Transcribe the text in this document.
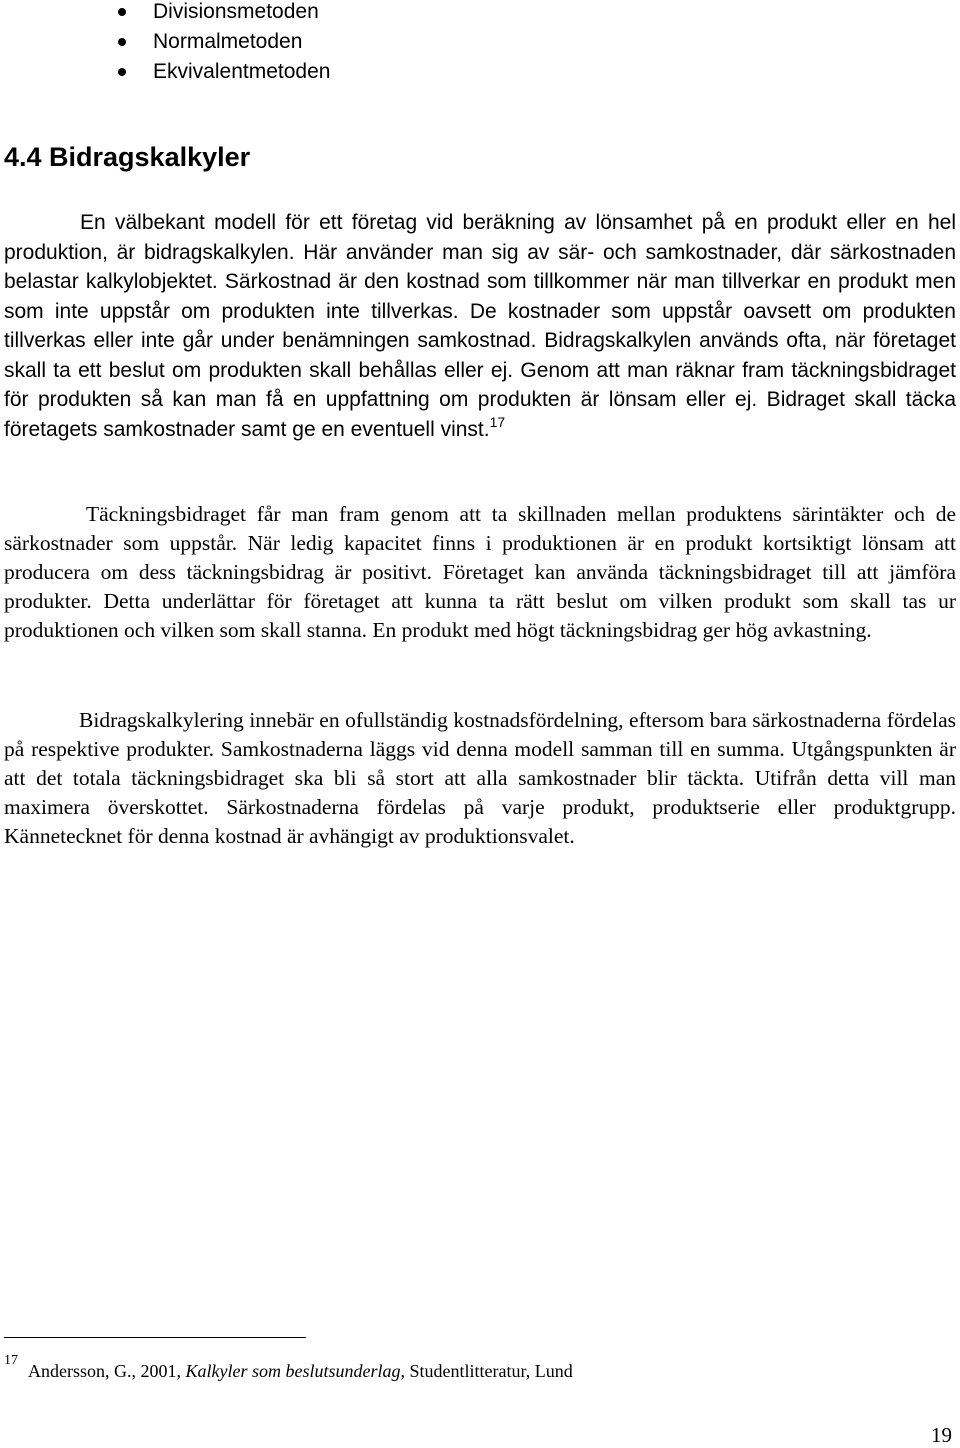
Divisionsmetoden
Normalmetoden
Ekvivalentmetoden
4.4 Bidragskalkyler

En välbekant modell för ett företag vid beräkning av lönsamhet på en produkt eller en hel produktion, är bidragskalkylen. Här använder man sig av sär- och samkostnader, där särkostnaden belastar kalkylobjektet. Särkostnad är den kostnad som tillkommer när man tillverkar en produkt men som inte uppstår om produkten inte tillverkas. De kostnader som uppstår oavsett om produkten tillverkas eller inte går under benämningen samkostnad. Bidragskalkylen används ofta, när företaget skall ta ett beslut om produkten skall behållas eller ej. Genom att man räknar fram täckningsbidraget för produkten så kan man få en uppfattning om produkten är lönsam eller ej. Bidraget skall täcka företagets samkostnader samt ge en eventuell vinst.$^{17}$

Täckningsbidraget får man fram genom att ta skillnaden mellan produktens särintäkter och de särkostnader som uppstår. När ledig kapacitet finns i produktionen är en produkt kortsiktigt lönsam att producera om dess täckningsbidrag är positivt. Företaget kan använda täckningsbidraget till att jämföra produkter. Detta underlättar för företaget att kunna ta rätt beslut om vilken produkt som skall tas ur produktionen och vilken som skall stanna. En produkt med högt täckningsbidrag ger hög avkastning.

Bidragskalkylering innebär en ofullständig kostnadsfördelning, eftersom bara särkostnaderna fördelas på respektive produkter. Samkostnaderna läggs vid denna modell samman till en summa. Utgångspunkten är att det totala täckningsbidraget ska bli så stort att alla samkostnader blir täckta. Utifrån detta vill man maximera överskottet. Särkostnaderna fördelas på varje produkt, produktserie eller produktgrupp. Kännetecknet för denna kostnad är avhängigt av produktionsvalet.

17
Andersson, G., 2001, Kalkyler som beslutsunderlag, Studentlitteratur, Lund
19
